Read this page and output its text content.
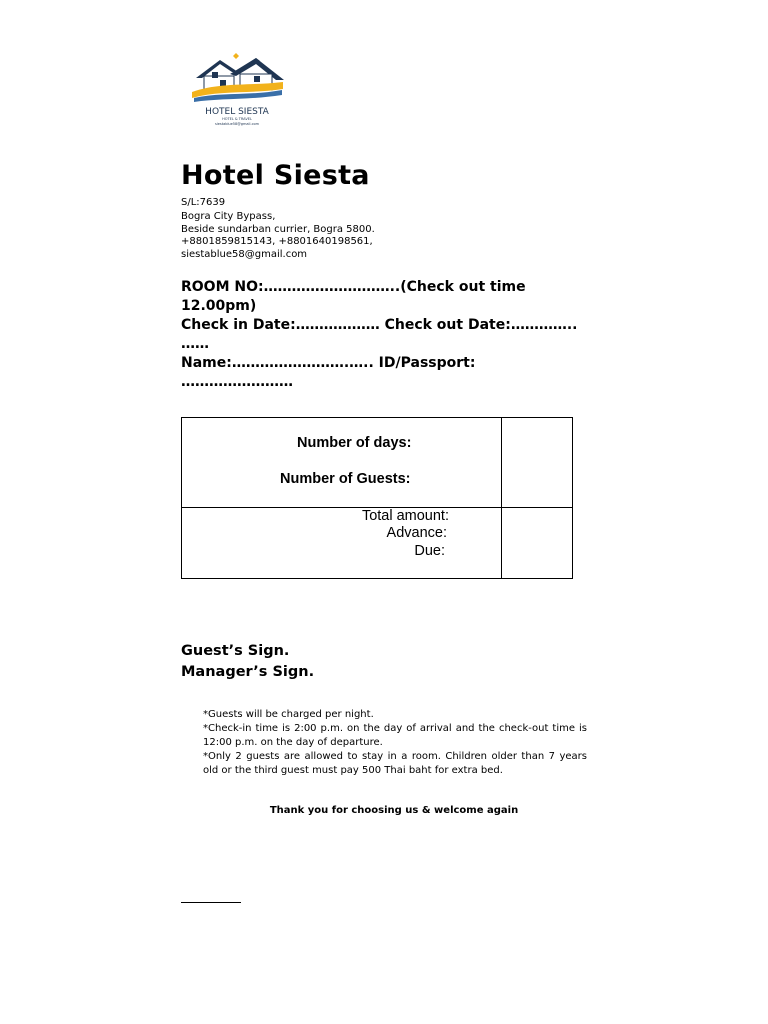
HOTEL SIESTA
HOTEL & TRAVEL
siestablue58@gmail.com
Hotel Siesta
S/L:7639
Bogra City Bypass,
Beside sundarban currier, Bogra 5800.
+8801859815143, +8801640198561,
siestablue58@gmail.com
ROOM NO:………………………..(Check out time
12.00pm)
Check in Date:……………… Check out Date:…………..
……
Name:…………………….….. ID/Passport:
……………………
Number of days:
Number of Guests:
Total amount:
Advance:
Due:
Guest’s Sign.
Manager’s Sign.
*Guests will be charged per night.
*Check-in time is 2:00 p.m. on the day of arrival and the check-out time is 12:00 p.m. on the day of departure.
*Only 2 guests are allowed to stay in a room. Children older than 7 years old or the third guest must pay 500 Thai baht for extra bed.
Thank you for choosing us & welcome again
